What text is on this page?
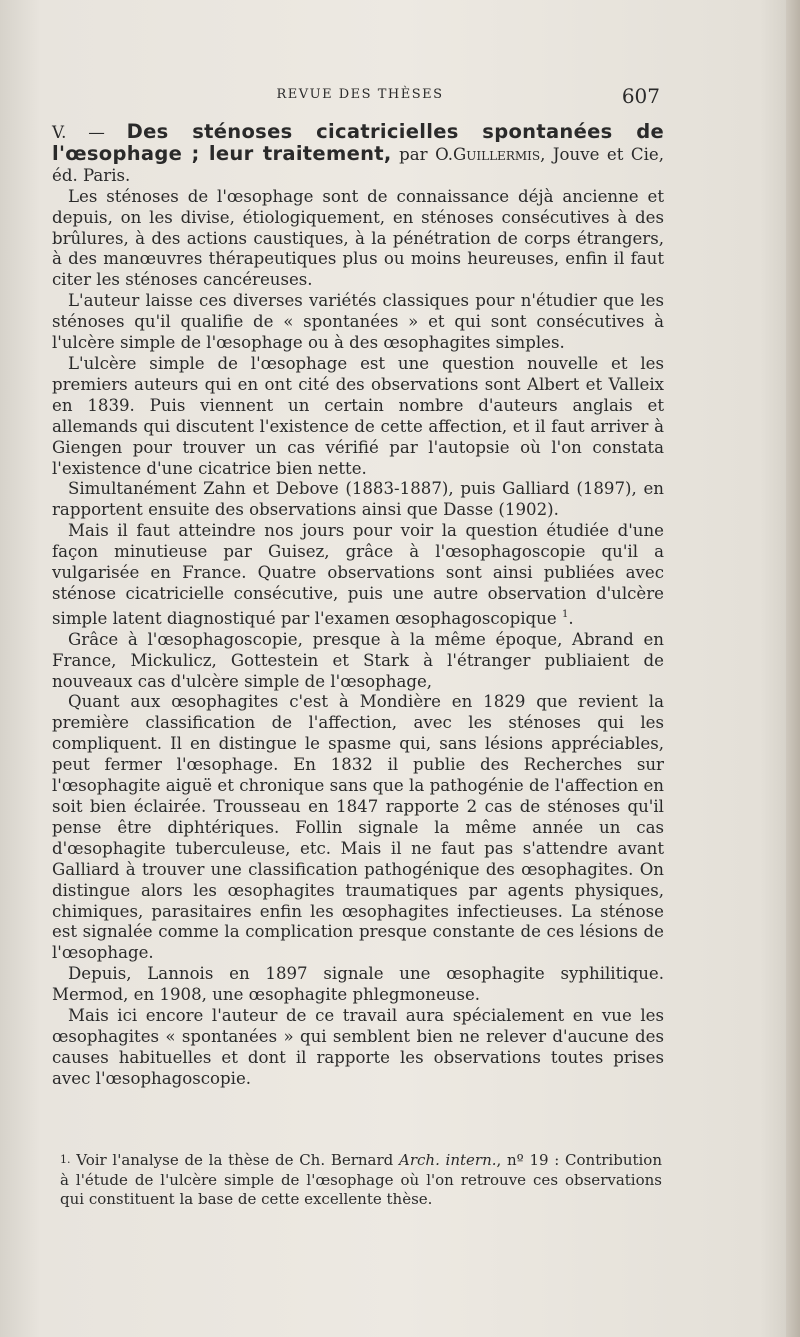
REVUE DES THÈSES	607

V. — Des sténoses cicatricielles spontanées de l'œsophage ; leur traitement, par O.Guillermis, Jouve et Cie, éd. Paris.

Les sténoses de l'œsophage sont de connaissance déjà ancienne et depuis, on les divise, étiologiquement, en sténoses consécutives à des brûlures, à des actions caustiques, à la pénétration de corps étrangers, à des manœuvres thérapeutiques plus ou moins heureuses, enfin il faut citer les sténoses cancéreuses.

L'auteur laisse ces diverses variétés classiques pour n'étudier que les sténoses qu'il qualifie de « spontanées » et qui sont consécutives à l'ulcère simple de l'œsophage ou à des œsophagites simples.

L'ulcère simple de l'œsophage est une question nouvelle et les premiers auteurs qui en ont cité des observations sont Albert et Valleix en 1839. Puis viennent un certain nombre d'auteurs anglais et allemands qui discutent l'existence de cette affection, et il faut arriver à Giengen pour trouver un cas vérifié par l'autopsie où l'on constata l'existence d'une cicatrice bien nette.

Simultanément Zahn et Debove (1883-1887), puis Galliard (1897), en rapportent ensuite des observations ainsi que Dasse (1902).

Mais il faut atteindre nos jours pour voir la question étudiée d'une façon minutieuse par Guisez, grâce à l'œsophagoscopie qu'il a vulgarisée en France. Quatre observations sont ainsi publiées avec sténose cicatricielle consécutive, puis une autre observation d'ulcère simple latent diagnostiqué par l'examen œsophagoscopique $^1$.

Grâce à l'œsophagoscopie, presque à la même époque, Abrand en France, Mickulicz, Gottestein et Stark à l'étranger publiaient de nouveaux cas d'ulcère simple de l'œsophage,

Quant aux œsophagites c'est à Mondière en 1829 que revient la première classification de l'affection, avec les sténoses qui les compliquent. Il en distingue le spasme qui, sans lésions appréciables, peut fermer l'œsophage. En 1832 il publie des Recherches sur l'œsophagite aiguë et chronique sans que la pathogénie de l'affection en soit bien éclairée. Trousseau en 1847 rapporte 2 cas de sténoses qu'il pense être diphtériques. Follin signale la même année un cas d'œsophagite tuberculeuse, etc. Mais il ne faut pas s'attendre avant Galliard à trouver une classification pathogénique des œsophagites. On distingue alors les œsophagites traumatiques par agents physiques, chimiques, parasitaires enfin les œsophagites infectieuses. La sténose est signalée comme la complication presque constante de ces lésions de l'œsophage.

Depuis, Lannois en 1897 signale une œsophagite syphilitique. Mermod, en 1908, une œsophagite phlegmoneuse.

Mais ici encore l'auteur de ce travail aura spécialement en vue les œsophagites « spontanées » qui semblent bien ne relever d'aucune des causes habituelles et dont il rapporte les observations toutes prises avec l'œsophagoscopie.

1. Voir l'analyse de la thèse de Ch. Bernard Arch. intern., nº 19 : Contribution à l'étude de l'ulcère simple de l'œsophage où l'on retrouve ces observations qui constituent la base de cette excellente thèse.
